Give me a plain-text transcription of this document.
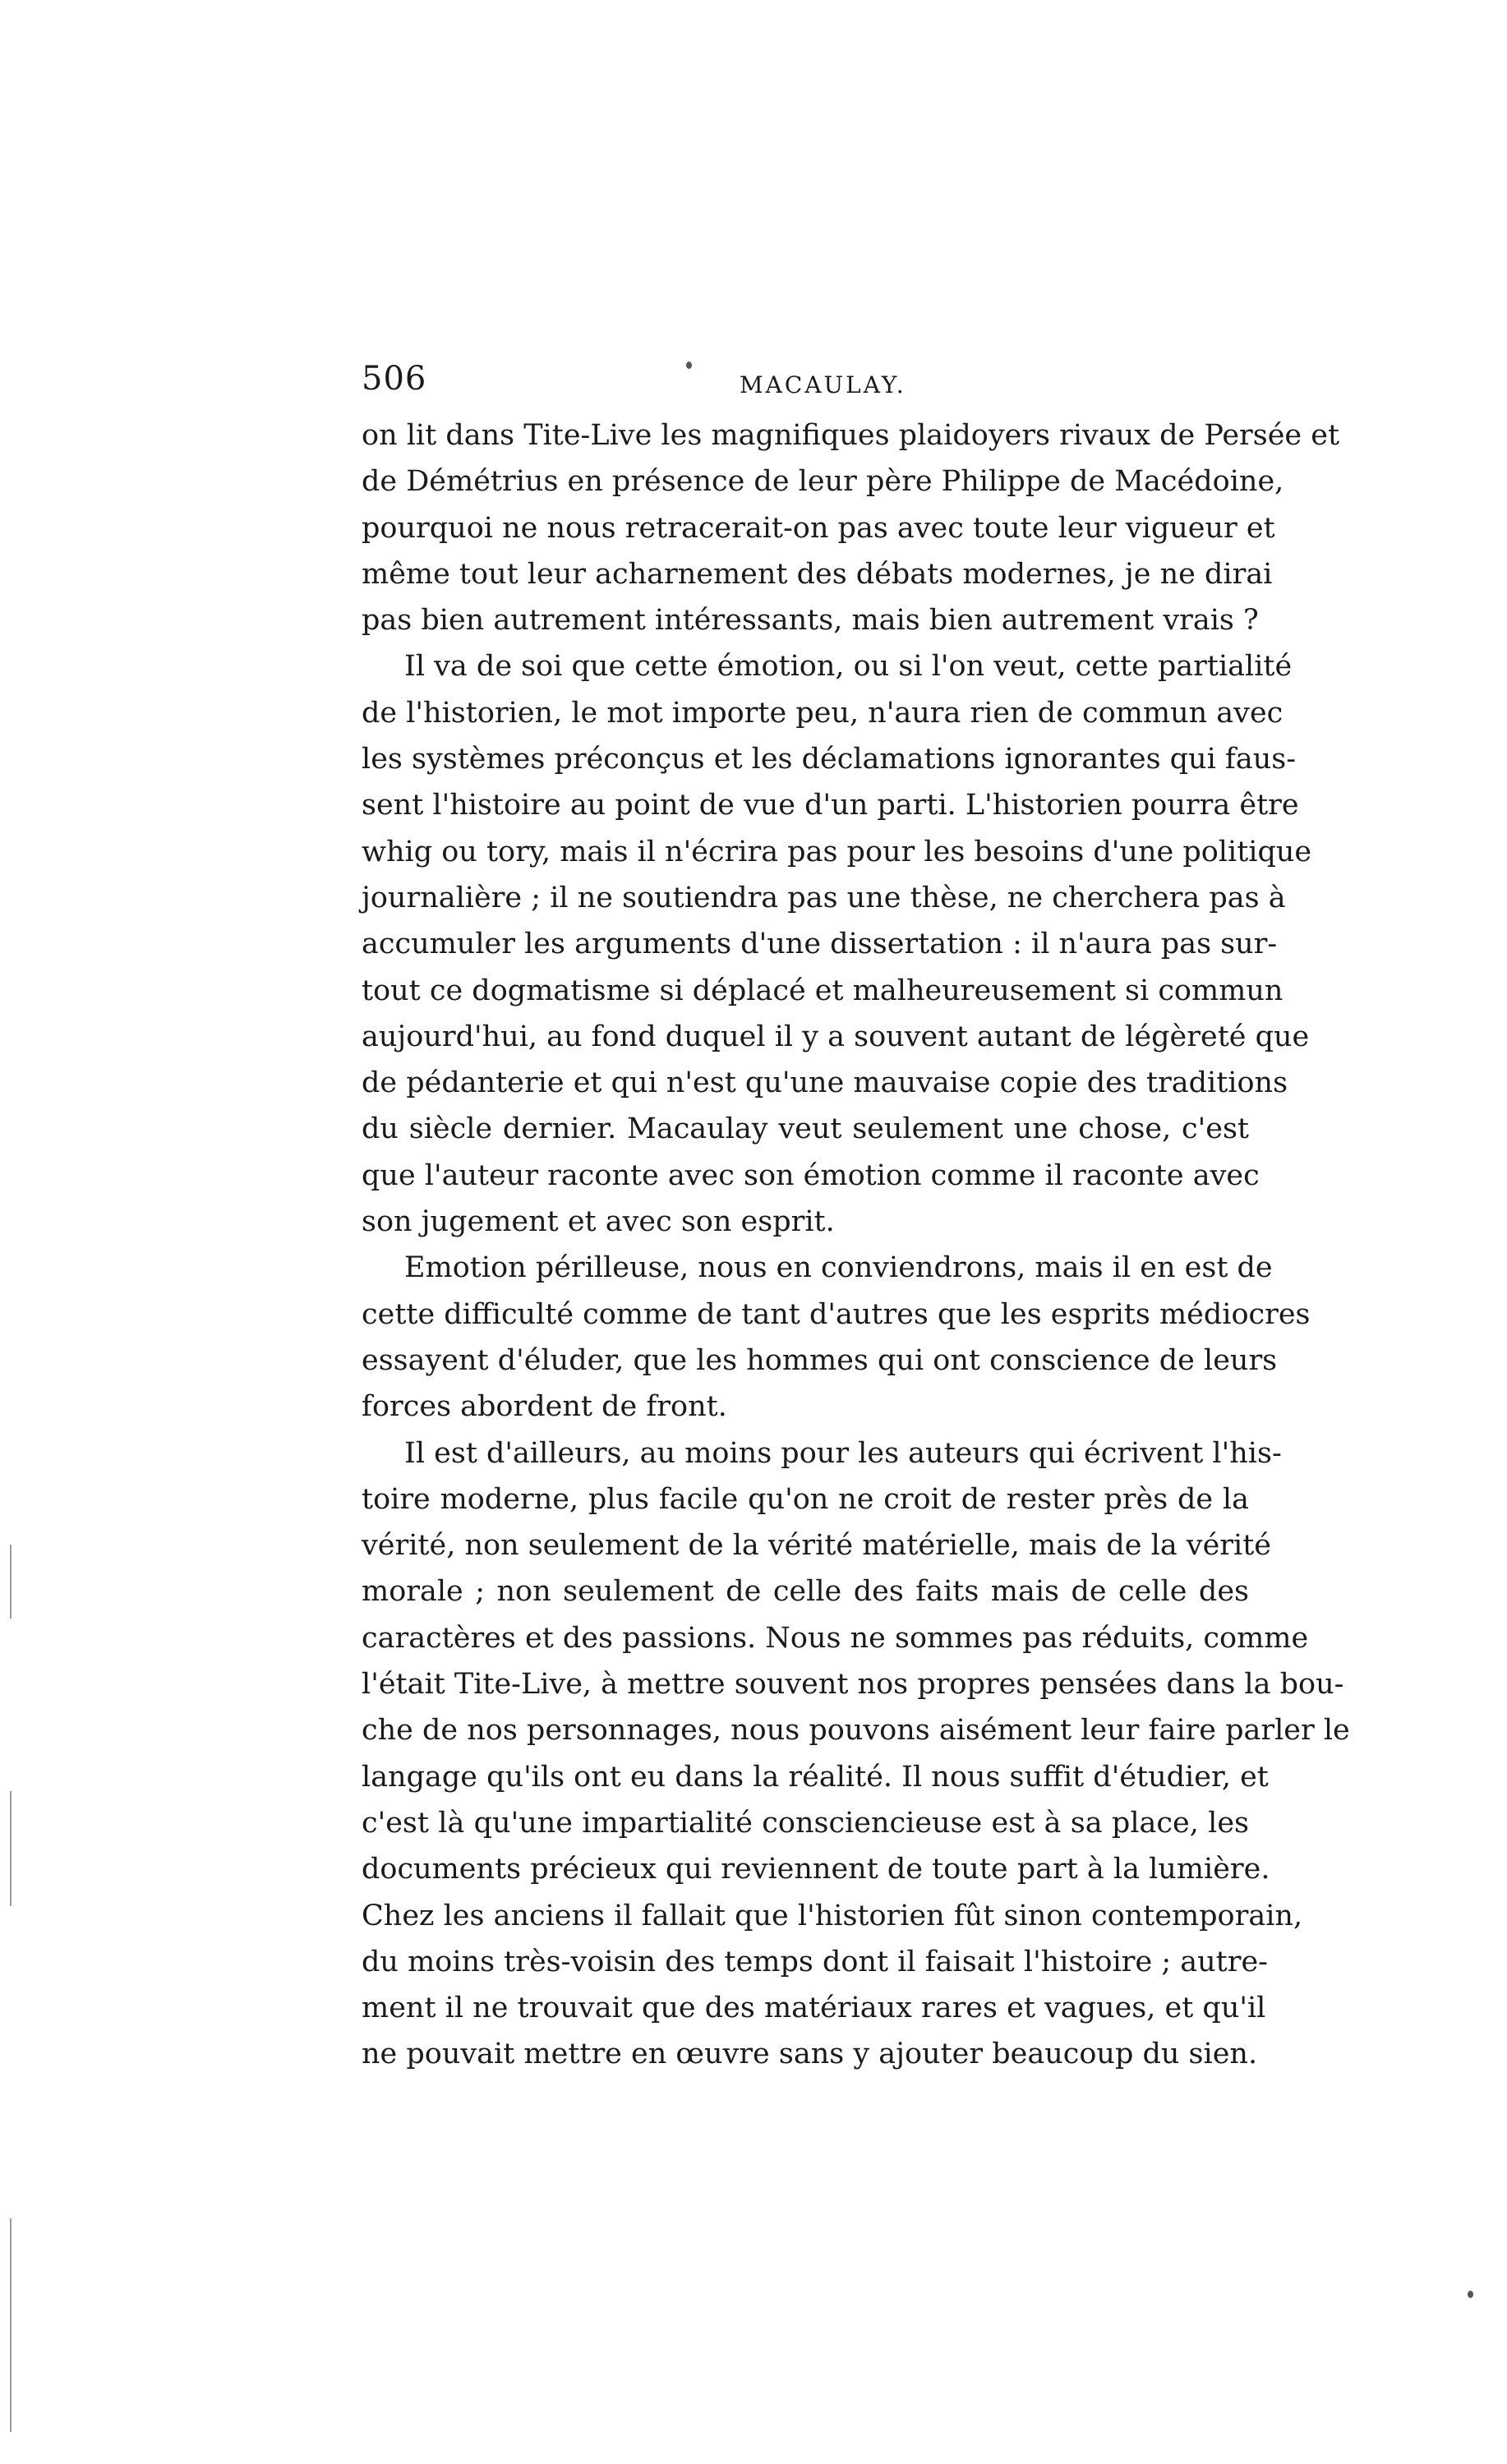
506	MACAULAY.
on lit dans Tite-Live les magnifiques plaidoyers rivaux de Persée et
de Démétrius en présence de leur père Philippe de Macédoine,
pourquoi ne nous retracerait-on pas avec toute leur vigueur et
même tout leur acharnement des débats modernes, je ne dirai
pas bien autrement intéressants, mais bien autrement vrais ?
Il va de soi que cette émotion, ou si l'on veut, cette partialité
de l'historien, le mot importe peu, n'aura rien de commun avec
les systèmes préconçus et les déclamations ignorantes qui faus-
sent l'histoire au point de vue d'un parti. L'historien pourra être
whig ou tory, mais il n'écrira pas pour les besoins d'une politique
journalière ; il ne soutiendra pas une thèse, ne cherchera pas à
accumuler les arguments d'une dissertation : il n'aura pas sur-
tout ce dogmatisme si déplacé et malheureusement si commun
aujourd'hui, au fond duquel il y a souvent autant de légèreté que
de pédanterie et qui n'est qu'une mauvaise copie des traditions
du siècle dernier. Macaulay veut seulement une chose, c'est
que l'auteur raconte avec son émotion comme il raconte avec
son jugement et avec son esprit.
Emotion périlleuse, nous en conviendrons, mais il en est de
cette difficulté comme de tant d'autres que les esprits médiocres
essayent d'éluder, que les hommes qui ont conscience de leurs
forces abordent de front.
Il est d'ailleurs, au moins pour les auteurs qui écrivent l'his-
toire moderne, plus facile qu'on ne croit de rester près de la
vérité, non seulement de la vérité matérielle, mais de la vérité
morale ; non seulement de celle des faits mais de celle des
caractères et des passions. Nous ne sommes pas réduits, comme
l'était Tite-Live, à mettre souvent nos propres pensées dans la bou-
che de nos personnages, nous pouvons aisément leur faire parler le
langage qu'ils ont eu dans la réalité. Il nous suffit d'étudier, et
c'est là qu'une impartialité consciencieuse est à sa place, les
documents précieux qui reviennent de toute part à la lumière.
Chez les anciens il fallait que l'historien fût sinon contemporain,
du moins très-voisin des temps dont il faisait l'histoire ; autre-
ment il ne trouvait que des matériaux rares et vagues, et qu'il
ne pouvait mettre en œuvre sans y ajouter beaucoup du sien.
